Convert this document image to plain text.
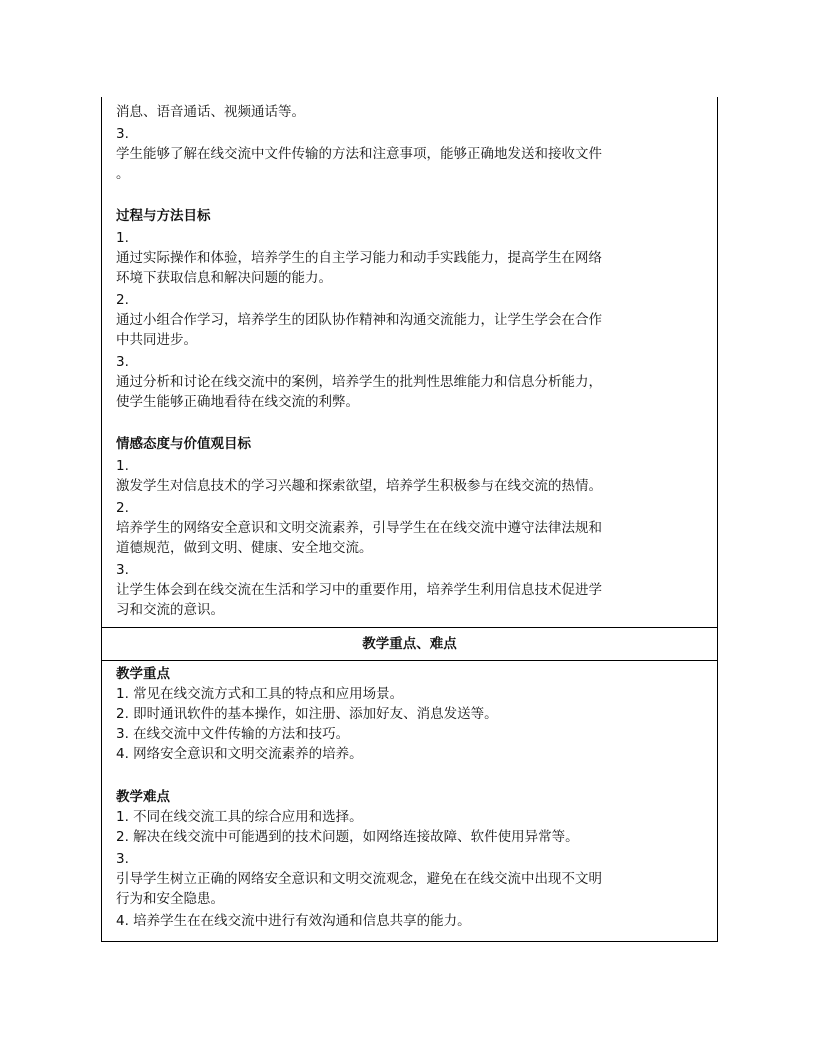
消息、语音通话、视频通话等。
3.
学生能够了解在线交流中文件传输的方法和注意事项，能够正确地发送和接收文件
。
过程与方法目标
1.
通过实际操作和体验，培养学生的自主学习能力和动手实践能力，提高学生在网络
环境下获取信息和解决问题的能力。
2.
通过小组合作学习，培养学生的团队协作精神和沟通交流能力，让学生学会在合作
中共同进步。
3.
通过分析和讨论在线交流中的案例，培养学生的批判性思维能力和信息分析能力，
使学生能够正确地看待在线交流的利弊。
情感态度与价值观目标
1.
激发学生对信息技术的学习兴趣和探索欲望，培养学生积极参与在线交流的热情。
2.
培养学生的网络安全意识和文明交流素养，引导学生在在线交流中遵守法律法规和
道德规范，做到文明、健康、安全地交流。
3.
让学生体会到在线交流在生活和学习中的重要作用，培养学生利用信息技术促进学
习和交流的意识。
教学重点、难点
教学重点
1. 常见在线交流方式和工具的特点和应用场景。
2. 即时通讯软件的基本操作，如注册、添加好友、消息发送等。
3. 在线交流中文件传输的方法和技巧。
4. 网络安全意识和文明交流素养的培养。
教学难点
1. 不同在线交流工具的综合应用和选择。
2. 解决在线交流中可能遇到的技术问题，如网络连接故障、软件使用异常等。
3.
引导学生树立正确的网络安全意识和文明交流观念，避免在在线交流中出现不文明
行为和安全隐患。
4. 培养学生在在线交流中进行有效沟通和信息共享的能力。
